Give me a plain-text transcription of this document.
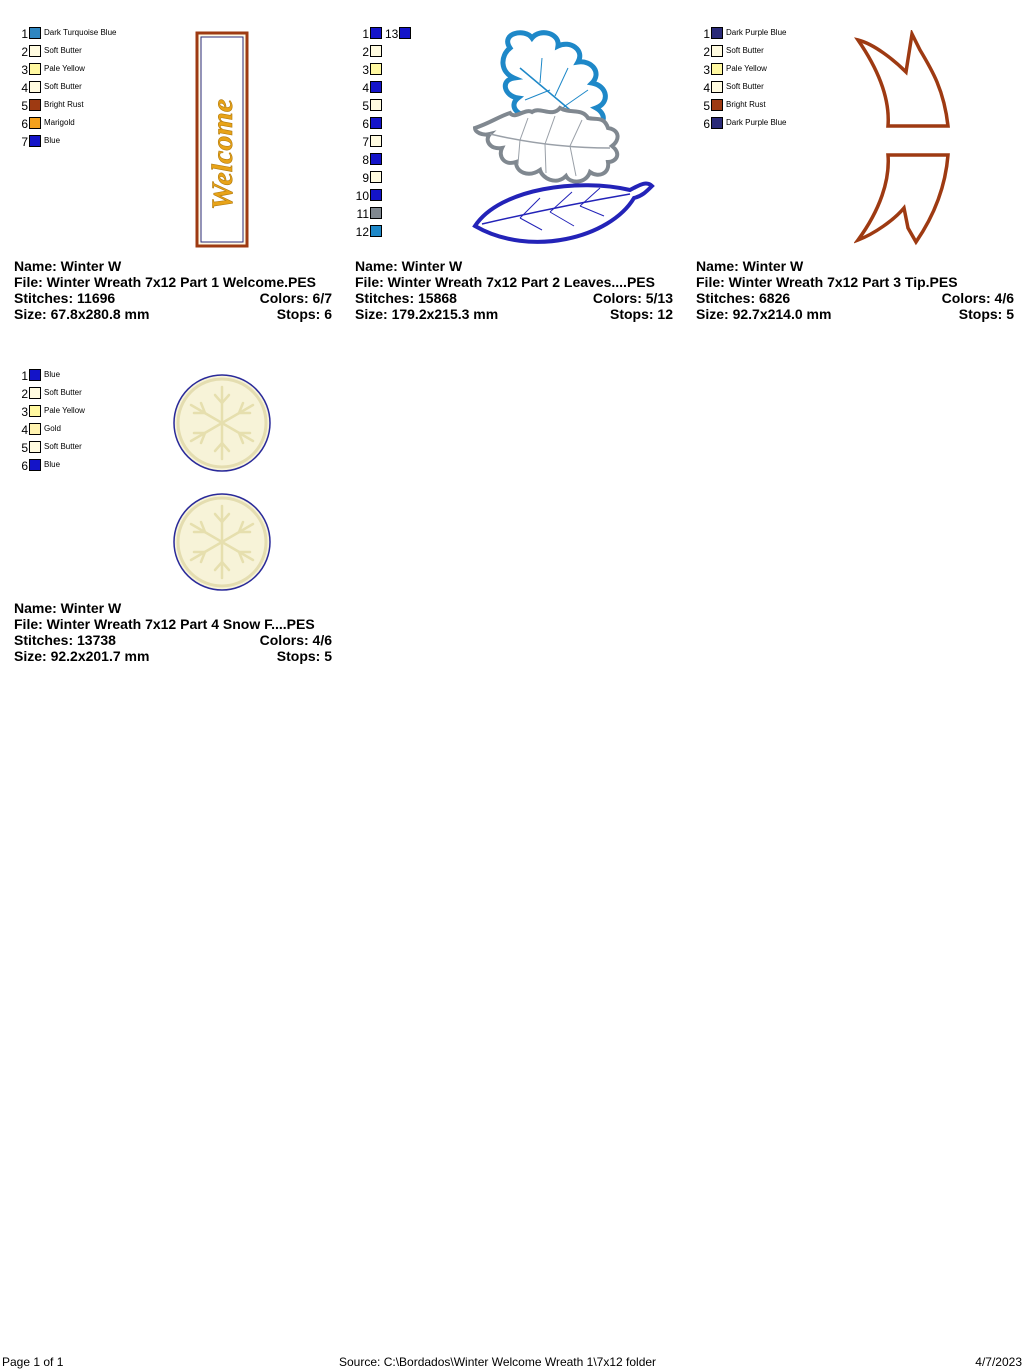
1 Dark Turquoise Blue
2 Soft Butter
3 Pale Yellow
4 Soft Butter
5 Bright Rust
6 Marigold
7 Blue	Welcome
Name: Winter W
File: Winter Wreath 7x12 Part 1 Welcome.PES
Stitches: 11696	Colors: 6/7
Size: 67.8x280.8 mm	Stops: 6
1 13
2
3
4
5
6
7
8
9
10
11
12
Name: Winter W
File: Winter Wreath 7x12 Part 2 Leaves....PES
Stitches: 15868	Colors: 5/13
Size: 179.2x215.3 mm	Stops: 12
1 Dark Purple Blue
2 Soft Butter
3 Pale Yellow
4 Soft Butter
5 Bright Rust
6 Dark Purple Blue
Name: Winter W
File: Winter Wreath 7x12 Part 3 Tip.PES
Stitches: 6826	Colors: 4/6
Size: 92.7x214.0 mm	Stops: 5
1 Blue
2 Soft Butter
3 Pale Yellow
4 Gold
5 Soft Butter
6 Blue
Name: Winter W
File: Winter Wreath 7x12 Part 4 Snow F....PES
Stitches: 13738	Colors: 4/6
Size: 92.2x201.7 mm	Stops: 5
Page 1 of 1	Source: C:\Bordados\Winter Welcome Wreath 1\7x12 folder	4/7/2023
